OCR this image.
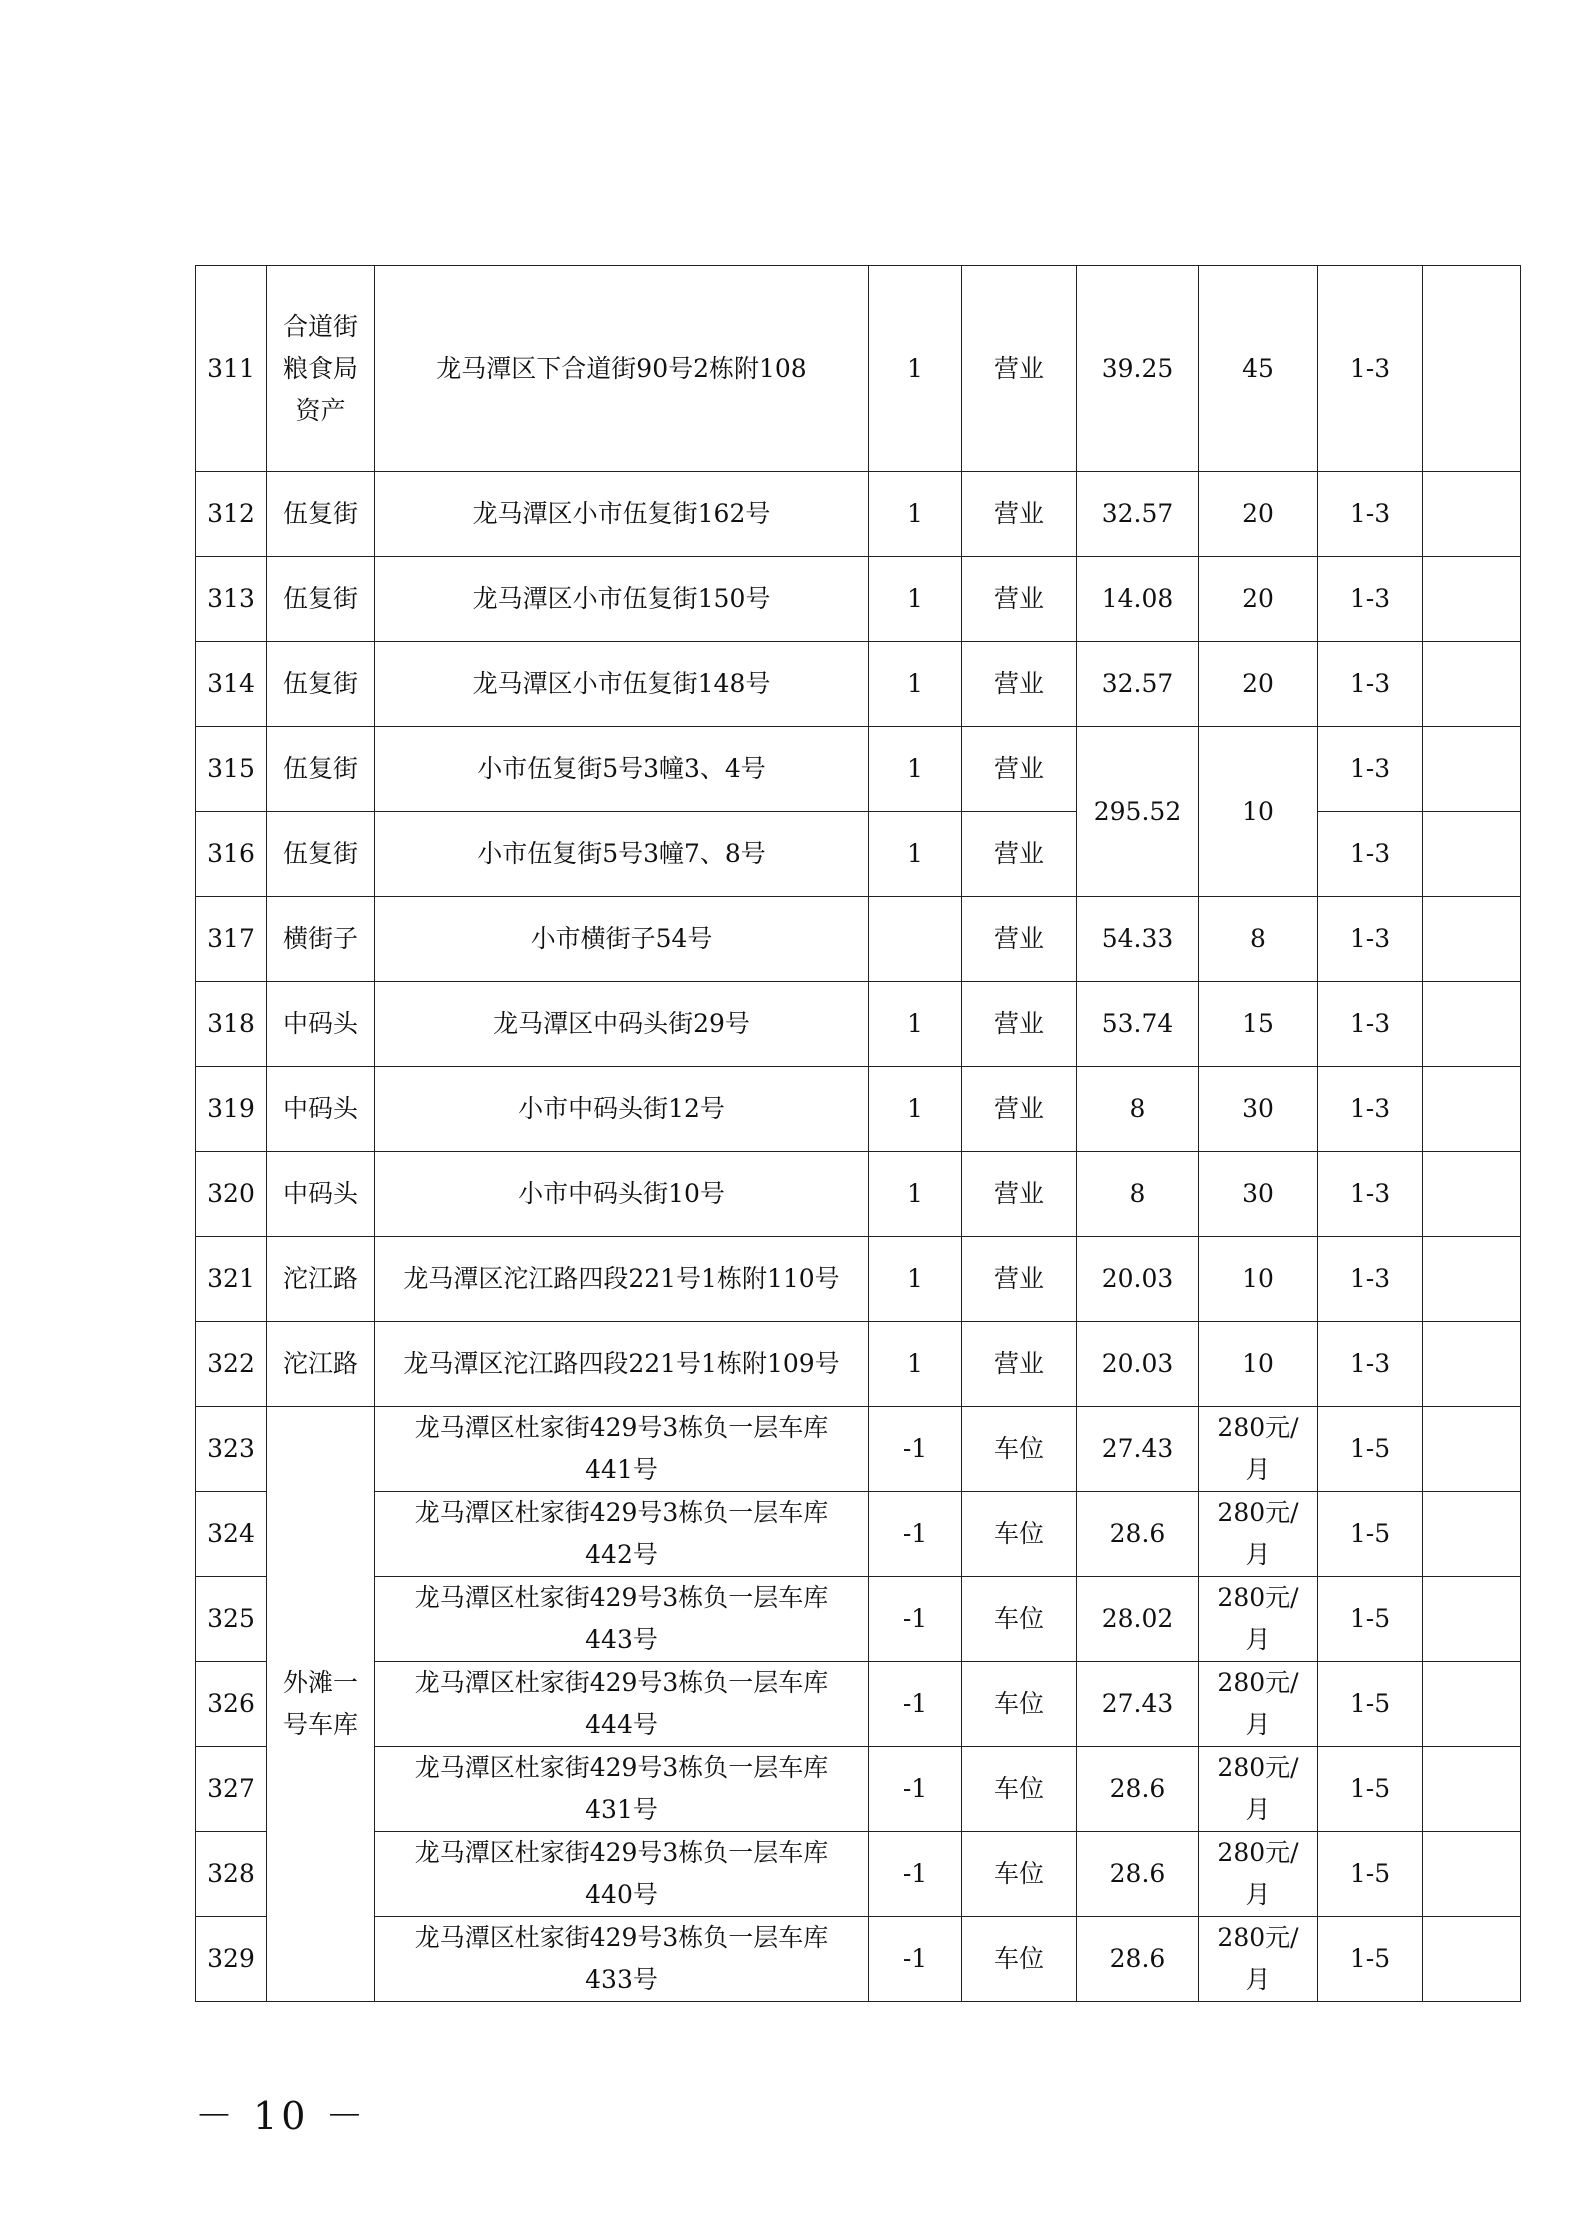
311	合道街粮食局资产	龙马潭区下合道街90号2栋附108	1	营业	39.25	45	1-3	
312	伍复街	龙马潭区小市伍复街162号	1	营业	32.57	20	1-3	
313	伍复街	龙马潭区小市伍复街150号	1	营业	14.08	20	1-3	
314	伍复街	龙马潭区小市伍复街148号	1	营业	32.57	20	1-3	
315	伍复街	小市伍复街5号3幢3、4号	1	营业	295.52	10	1-3	
316	伍复街	小市伍复街5号3幢7、8号	1	营业			1-3	
317	横街子	小市横街子54号		营业	54.33	8	1-3	
318	中码头	龙马潭区中码头街29号	1	营业	53.74	15	1-3	
319	中码头	小市中码头街12号	1	营业	8	30	1-3	
320	中码头	小市中码头街10号	1	营业	8	30	1-3	
321	沱江路	龙马潭区沱江路四段221号1栋附110号	1	营业	20.03	10	1-3	
322	沱江路	龙马潭区沱江路四段221号1栋附109号	1	营业	20.03	10	1-3	
323	外滩一号车库	龙马潭区杜家街429号3栋负一层车库441号	-1	车位	27.43	280元/月	1-5	
324		龙马潭区杜家街429号3栋负一层车库442号	-1	车位	28.6	280元/月	1-5	
325		龙马潭区杜家街429号3栋负一层车库443号	-1	车位	28.02	280元/月	1-5	
326		龙马潭区杜家街429号3栋负一层车库444号	-1	车位	27.43	280元/月	1-5	
327		龙马潭区杜家街429号3栋负一层车库431号	-1	车位	28.6	280元/月	1-5	
328		龙马潭区杜家街429号3栋负一层车库440号	-1	车位	28.6	280元/月	1-5	
329		龙马潭区杜家街429号3栋负一层车库433号	-1	车位	28.6	280元/月	1-5	
－ 10 －
